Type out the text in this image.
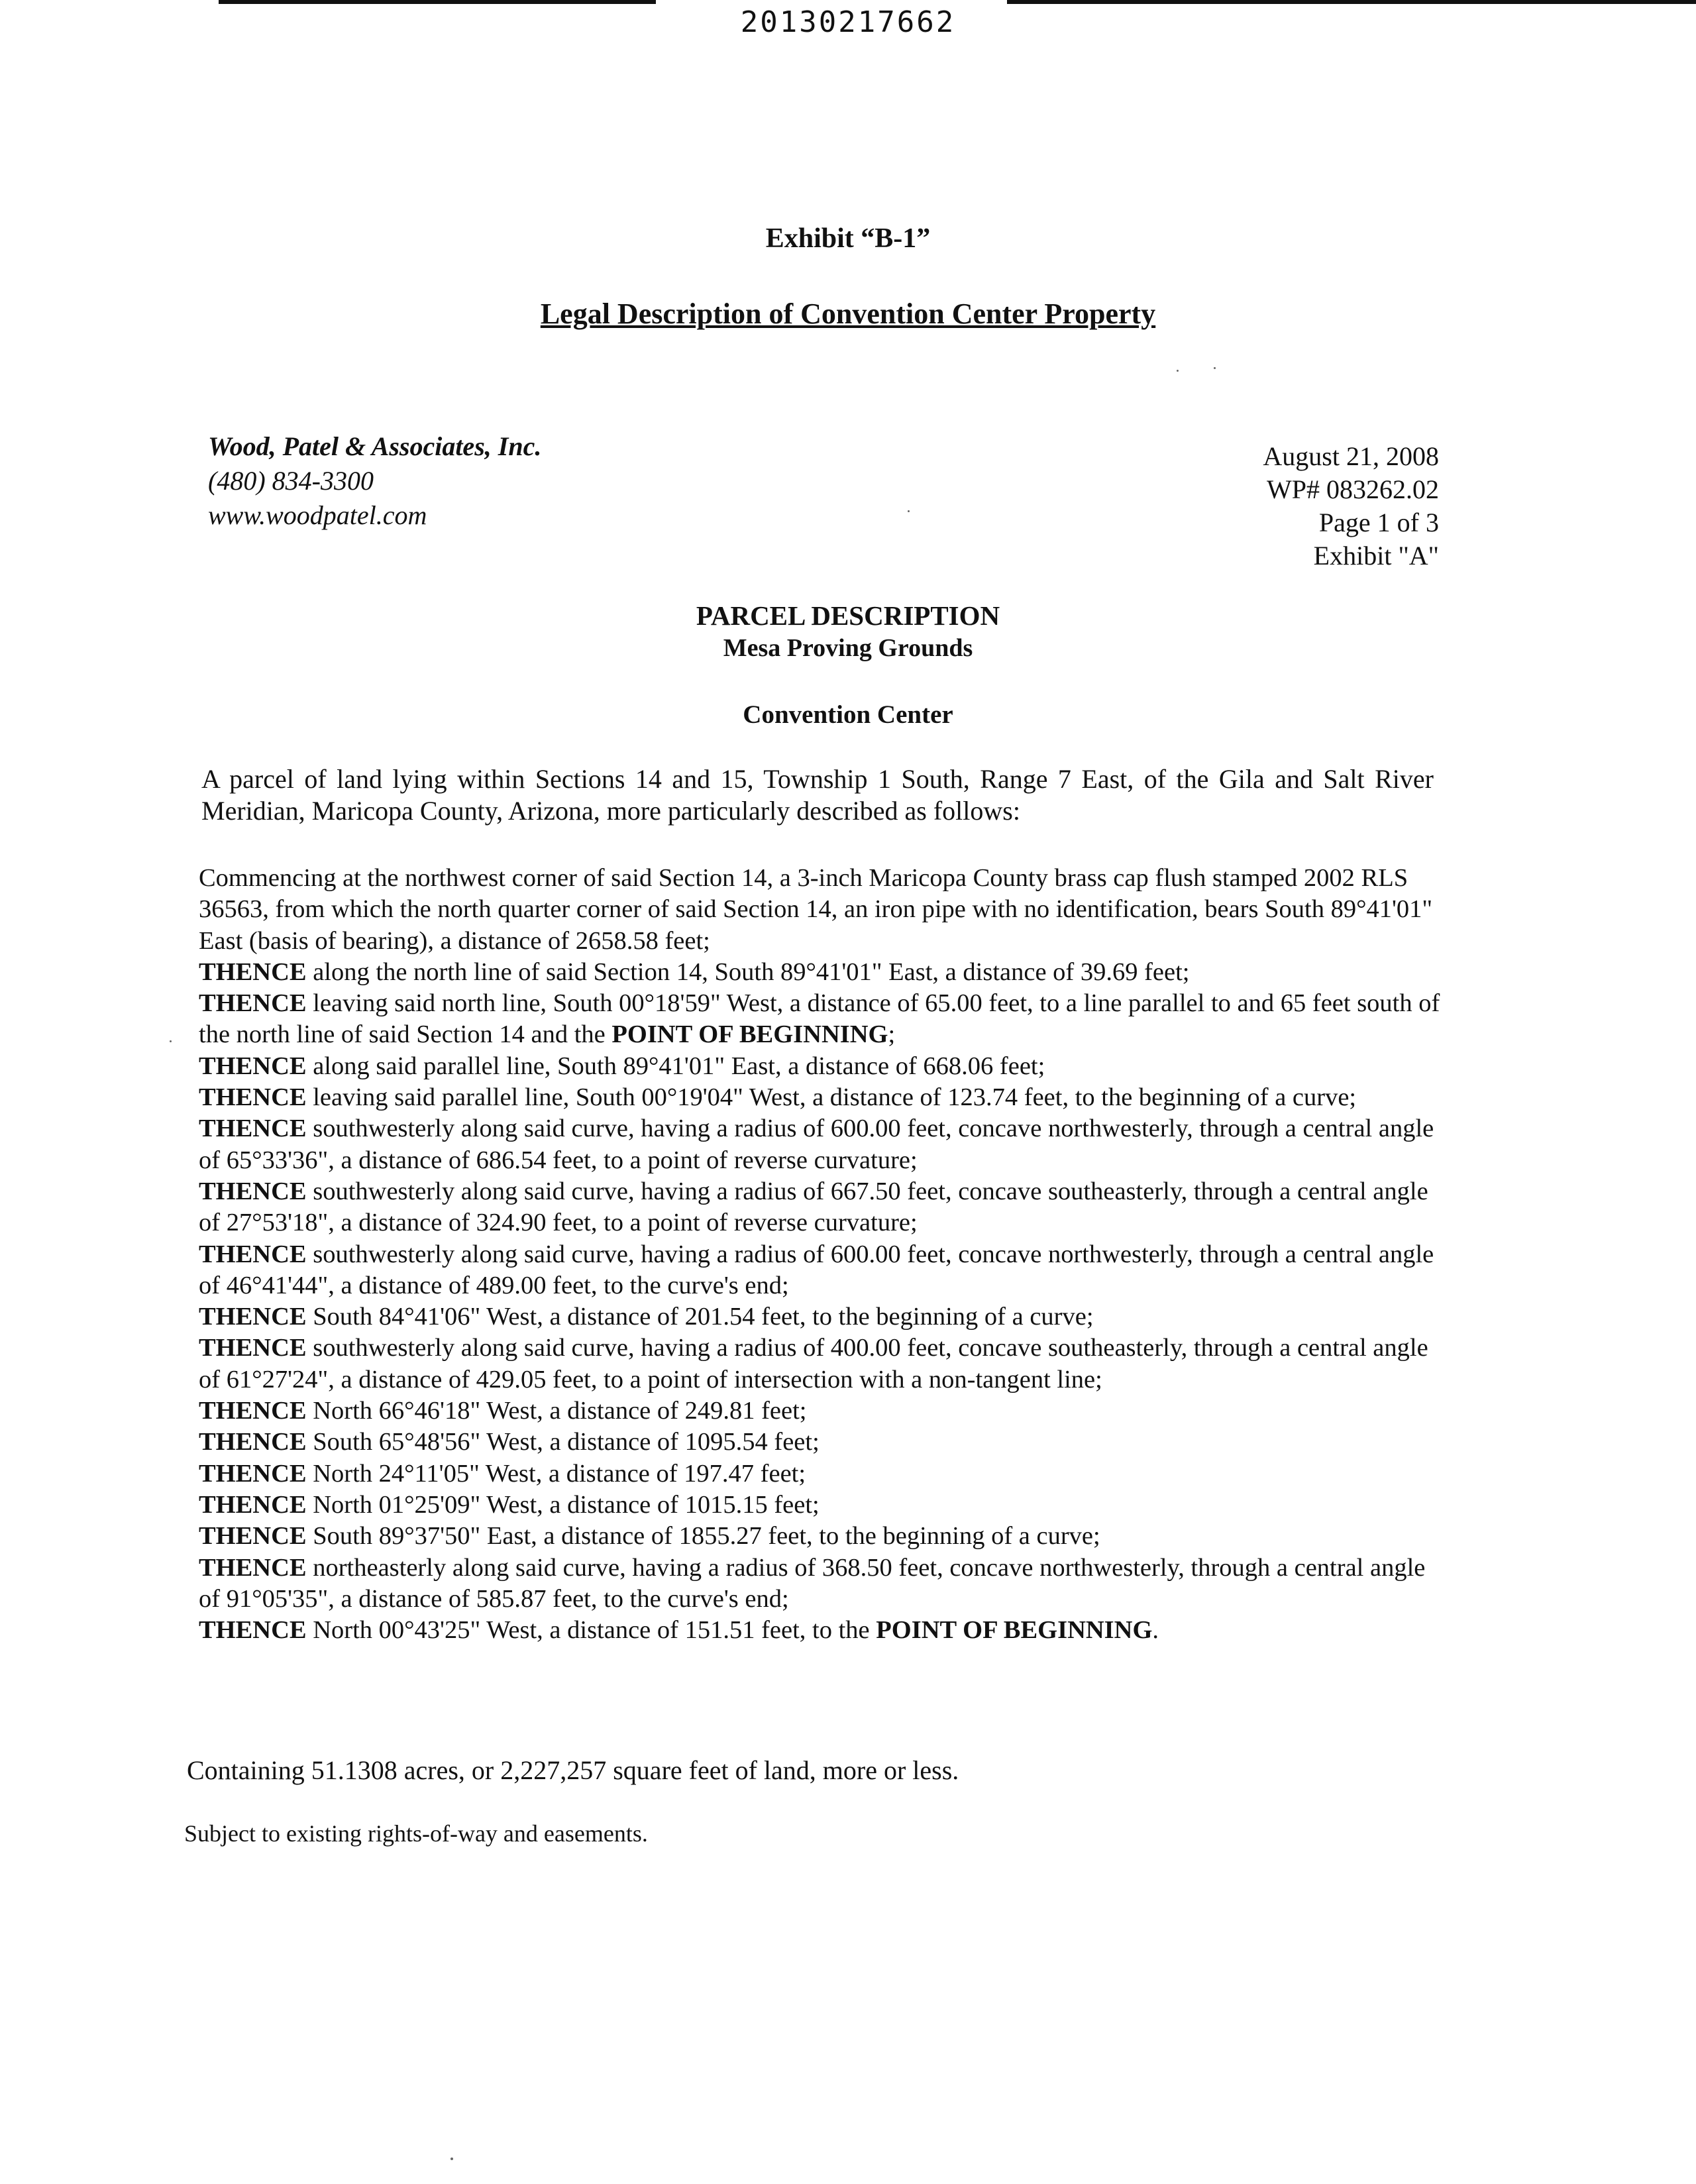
20130217662
Exhibit “B-1”
Legal Description of Convention Center Property
Wood, Patel & Associates, Inc.
(480) 834-3300
www.woodpatel.com
August 21, 2008
WP# 083262.02
Page 1 of 3
Exhibit "A"
PARCEL DESCRIPTION
Mesa Proving Grounds
Convention Center
A parcel of land lying within Sections 14 and 15, Township 1 South, Range 7 East, of the Gila and Salt River Meridian, Maricopa County, Arizona, more particularly described as follows:

Commencing at the northwest corner of said Section 14, a 3-inch Maricopa County brass cap flush stamped 2002 RLS 36563, from which the north quarter corner of said Section 14, an iron pipe with no identification, bears South 89°41'01" East (basis of bearing), a distance of 2658.58 feet;

THENCE along the north line of said Section 14, South 89°41'01" East, a distance of 39.69 feet;

THENCE leaving said north line, South 00°18'59" West, a distance of 65.00 feet, to a line parallel to and 65 feet south of the north line of said Section 14 and the POINT OF BEGINNING;

THENCE along said parallel line, South 89°41'01" East, a distance of 668.06 feet;

THENCE leaving said parallel line, South 00°19'04" West, a distance of 123.74 feet, to the beginning of a curve;

THENCE southwesterly along said curve, having a radius of 600.00 feet, concave northwesterly, through a central angle of 65°33'36", a distance of 686.54 feet, to a point of reverse curvature;

THENCE southwesterly along said curve, having a radius of 667.50 feet, concave southeasterly, through a central angle of 27°53'18", a distance of 324.90 feet, to a point of reverse curvature;

THENCE southwesterly along said curve, having a radius of 600.00 feet, concave northwesterly, through a central angle of 46°41'44", a distance of 489.00 feet, to the curve's end;

THENCE South 84°41'06" West, a distance of 201.54 feet, to the beginning of a curve;

THENCE southwesterly along said curve, having a radius of 400.00 feet, concave southeasterly, through a central angle of 61°27'24", a distance of 429.05 feet, to a point of intersection with a non-tangent line;

THENCE North 66°46'18" West, a distance of 249.81 feet;

THENCE South 65°48'56" West, a distance of 1095.54 feet;

THENCE North 24°11'05" West, a distance of 197.47 feet;

THENCE North 01°25'09" West, a distance of 1015.15 feet;

THENCE South 89°37'50" East, a distance of 1855.27 feet, to the beginning of a curve;

THENCE northeasterly along said curve, having a radius of 368.50 feet, concave northwesterly, through a central angle of 91°05'35", a distance of 585.87 feet, to the curve's end;

THENCE North 00°43'25" West, a distance of 151.51 feet, to the POINT OF BEGINNING.

Containing 51.1308 acres, or 2,227,257 square feet of land, more or less.
Subject to existing rights-of-way and easements.
